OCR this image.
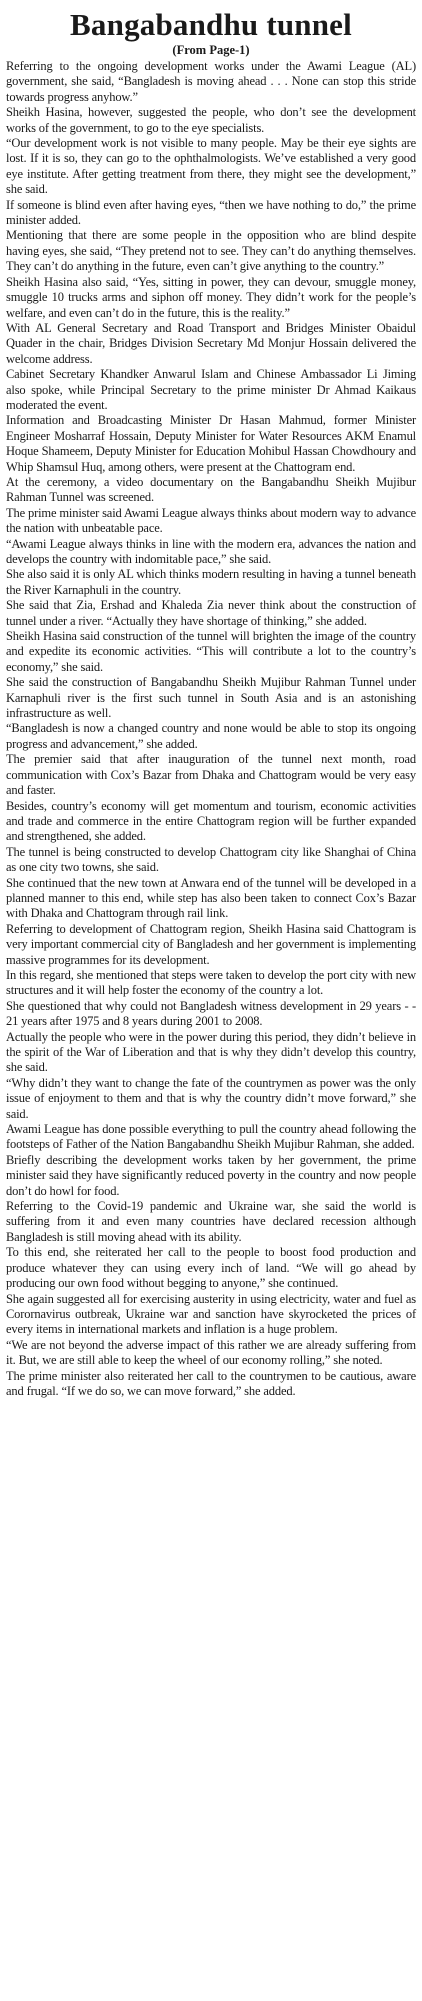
Bangabandhu tunnel
(From Page-1)

Referring to the ongoing development works under the Awami League (AL) government, she said, “Bangladesh is moving ahead . . . None can stop this stride towards progress anyhow.”

Sheikh Hasina, however, suggested the people, who don’t see the development works of the government, to go to the eye specialists.

“Our development work is not visible to many people. May be their eye sights are lost. If it is so, they can go to the ophthalmologists. We’ve established a very good eye institute. After getting treatment from there, they might see the development,” she said.

If someone is blind even after having eyes, “then we have nothing to do,” the prime minister added.

Mentioning that there are some people in the opposition who are blind despite having eyes, she said, “They pretend not to see. They can’t do anything themselves. They can’t do anything in the future, even can’t give anything to the country.”

Sheikh Hasina also said, “Yes, sitting in power, they can devour, smuggle money, smuggle 10 trucks arms and siphon off money. They didn’t work for the people’s welfare, and even can’t do in the future, this is the reality.”

With AL General Secretary and Road Transport and Bridges Minister Obaidul Quader in the chair, Bridges Division Secretary Md Monjur Hossain delivered the welcome address.

Cabinet Secretary Khandker Anwarul Islam and Chinese Ambassador Li Jiming also spoke, while Principal Secretary to the prime minister Dr Ahmad Kaikaus moderated the event.

Information and Broadcasting Minister Dr Hasan Mahmud, former Minister Engineer Mosharraf Hossain, Deputy Minister for Water Resources AKM Enamul Hoque Shameem, Deputy Minister for Education Mohibul Hassan Chowdhoury and Whip Shamsul Huq, among others, were present at the Chattogram end.

At the ceremony, a video documentary on the Bangabandhu Sheikh Mujibur Rahman Tunnel was screened.

The prime minister said Awami League always thinks about modern way to advance the nation with unbeatable pace.

“Awami League always thinks in line with the modern era, advances the nation and develops the country with indomitable pace,” she said.

She also said it is only AL which thinks modern resulting in having a tunnel beneath the River Karnaphuli in the country.

She said that Zia, Ershad and Khaleda Zia never think about the construction of tunnel under a river. “Actually they have shortage of thinking,” she added.

Sheikh Hasina said construction of the tunnel will brighten the image of the country and expedite its economic activities. “This will contribute a lot to the country’s economy,” she said.

She said the construction of Bangabandhu Sheikh Mujibur Rahman Tunnel under Karnaphuli river is the first such tunnel in South Asia and is an astonishing infrastructure as well.

“Bangladesh is now a changed country and none would be able to stop its ongoing progress and advancement,” she added.

The premier said that after inauguration of the tunnel next month, road communication with Cox’s Bazar from Dhaka and Chattogram would be very easy and faster.

Besides, country’s economy will get momentum and tourism, economic activities and trade and commerce in the entire Chattogram region will be further expanded and strengthened, she added.

The tunnel is being constructed to develop Chattogram city like Shanghai of China as one city two towns, she said.

She continued that the new town at Anwara end of the tunnel will be developed in a planned manner to this end, while step has also been taken to connect Cox’s Bazar with Dhaka and Chattogram through rail link.

Referring to development of Chattogram region, Sheikh Hasina said Chattogram is very important commercial city of Bangladesh and her government is implementing massive programmes for its development.

In this regard, she mentioned that steps were taken to develop the port city with new structures and it will help foster the economy of the country a lot.

She questioned that why could not Bangladesh witness development in 29 years - - 21 years after 1975 and 8 years during 2001 to 2008.

Actually the people who were in the power during this period, they didn’t believe in the spirit of the War of Liberation and that is why they didn’t develop this country, she said.

“Why didn’t they want to change the fate of the countrymen as power was the only issue of enjoyment to them and that is why the country didn’t move forward,” she said.

Awami League has done possible everything to pull the country ahead following the footsteps of Father of the Nation Bangabandhu Sheikh Mujibur Rahman, she added.

Briefly describing the development works taken by her government, the prime minister said they have significantly reduced poverty in the country and now people don’t do howl for food.

Referring to the Covid-19 pandemic and Ukraine war, she said the world is suffering from it and even many countries have declared recession although Bangladesh is still moving ahead with its ability.

To this end, she reiterated her call to the people to boost food production and produce whatever they can using every inch of land. “We will go ahead by producing our own food without begging to anyone,” she continued.

She again suggested all for exercising austerity in using electricity, water and fuel as Corornavirus outbreak, Ukraine war and sanction have skyrocketed the prices of every items in international markets and inflation is a huge problem.

“We are not beyond the adverse impact of this rather we are already suffering from it. But, we are still able to keep the wheel of our economy rolling,” she noted.

The prime minister also reiterated her call to the countrymen to be cautious, aware and frugal. “If we do so, we can move forward,” she added.
